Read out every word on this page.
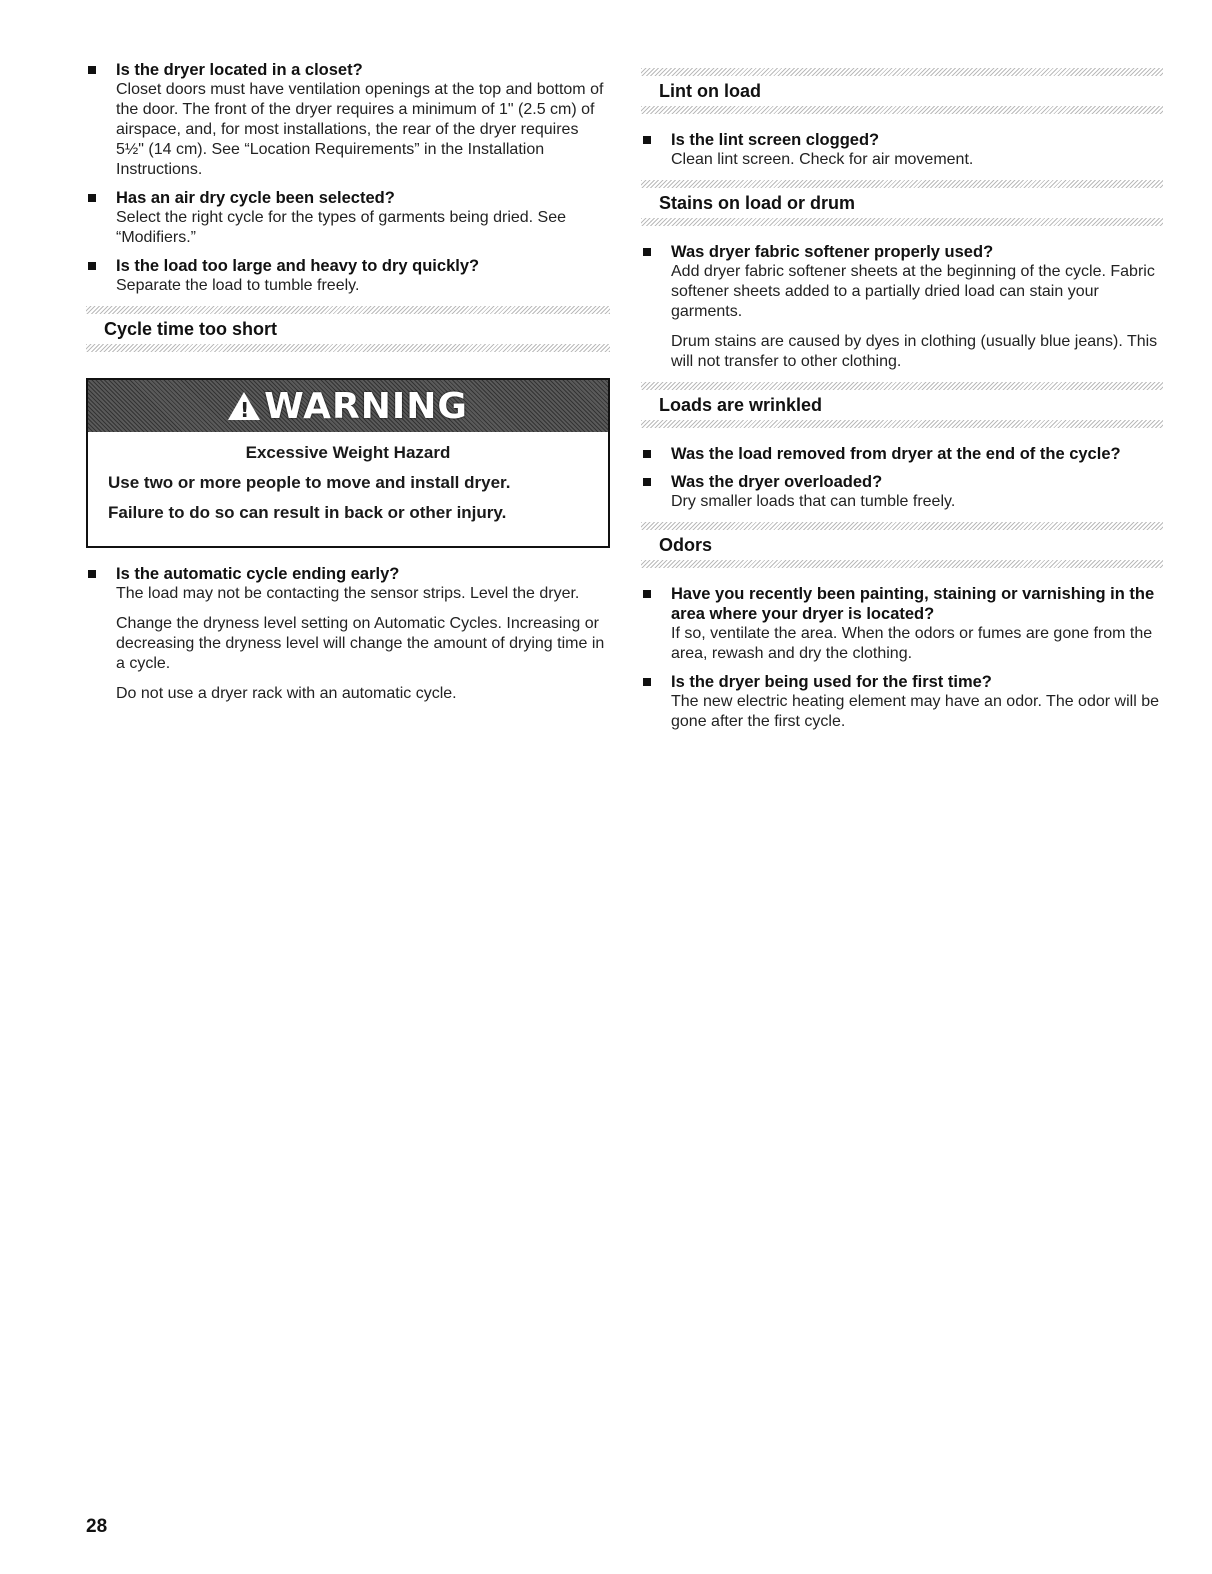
Is the dryer located in a closet?

Closet doors must have ventilation openings at the top and bottom of the door. The front of the dryer requires a minimum of 1" (2.5 cm) of airspace, and, for most installations, the rear of the dryer requires 5½" (14 cm). See “Location Requirements” in the Installation Instructions.

Has an air dry cycle been selected?

Select the right cycle for the types of garments being dried. See “Modifiers.”

Is the load too large and heavy to dry quickly?

Separate the load to tumble freely.

Cycle time too short
!
WARNING
Excessive Weight Hazard

Use two or more people to move and install dryer.

Failure to do so can result in back or other injury.

Is the automatic cycle ending early?

The load may not be contacting the sensor strips. Level the dryer.

Change the dryness level setting on Automatic Cycles. Increasing or decreasing the dryness level will change the amount of drying time in a cycle.

Do not use a dryer rack with an automatic cycle.

Lint on load
Is the lint screen clogged?

Clean lint screen. Check for air movement.

Stains on load or drum
Was dryer fabric softener properly used?

Add dryer fabric softener sheets at the beginning of the cycle. Fabric softener sheets added to a partially dried load can stain your garments.

Drum stains are caused by dyes in clothing (usually blue jeans). This will not transfer to other clothing.

Loads are wrinkled
Was the load removed from dryer at the end of the cycle?
Was the dryer overloaded?

Dry smaller loads that can tumble freely.

Odors
Have you recently been painting, staining or varnishing in the area where your dryer is located?

If so, ventilate the area. When the odors or fumes are gone from the area, rewash and dry the clothing.

Is the dryer being used for the first time?

The new electric heating element may have an odor. The odor will be gone after the first cycle.

28
